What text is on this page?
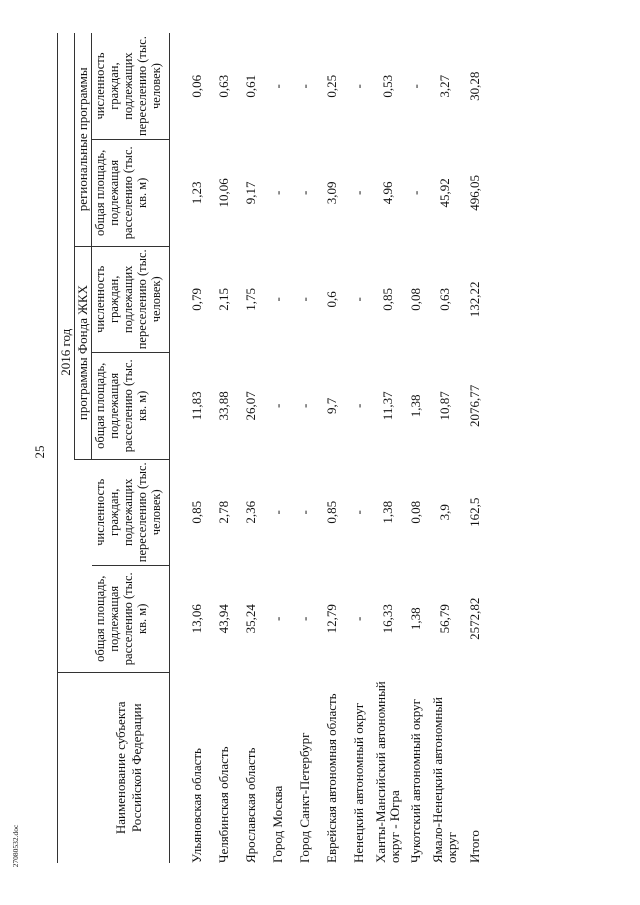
25
27080532.doc
Наименование субъекта Российской Федерации	2016 год					
			программы Фонда ЖКХ		региональные программы	
	общая площадь, подлежащая расселению (тыс. кв. м)	численность граждан, подлежащих переселению (тыс. человек)	общая площадь, подлежащая расселению (тыс. кв. м)	численность граждан, подлежащих переселению (тыс. человек)	общая площадь, подлежащая расселению (тыс. кв. м)	численность граждан, подлежащих переселению (тыс. человек)

Ульяновская область	13,06	0,85	11,83	0,79	1,23	0,06
Челябинская область	43,94	2,78	33,88	2,15	10,06	0,63
Ярославская область	35,24	2,36	26,07	1,75	9,17	0,61
Город Москва	-	-	-	-	-	-
Город Санкт-Петербург	-	-	-	-	-	-
Еврейская автономная область	12,79	0,85	9,7	0,6	3,09	0,25
Ненецкий автономный округ	-	-	-	-	-	-
Ханты-Мансийский автономный округ - Югра	16,33	1,38	11,37	0,85	4,96	0,53
Чукотский автономный округ	1,38	0,08	1,38	0,08	-	-
Ямало-Ненецкий автономный округ	56,79	3,9	10,87	0,63	45,92	3,27
Итого	2572,82	162,5	2076,77	132,22	496,05	30,28
